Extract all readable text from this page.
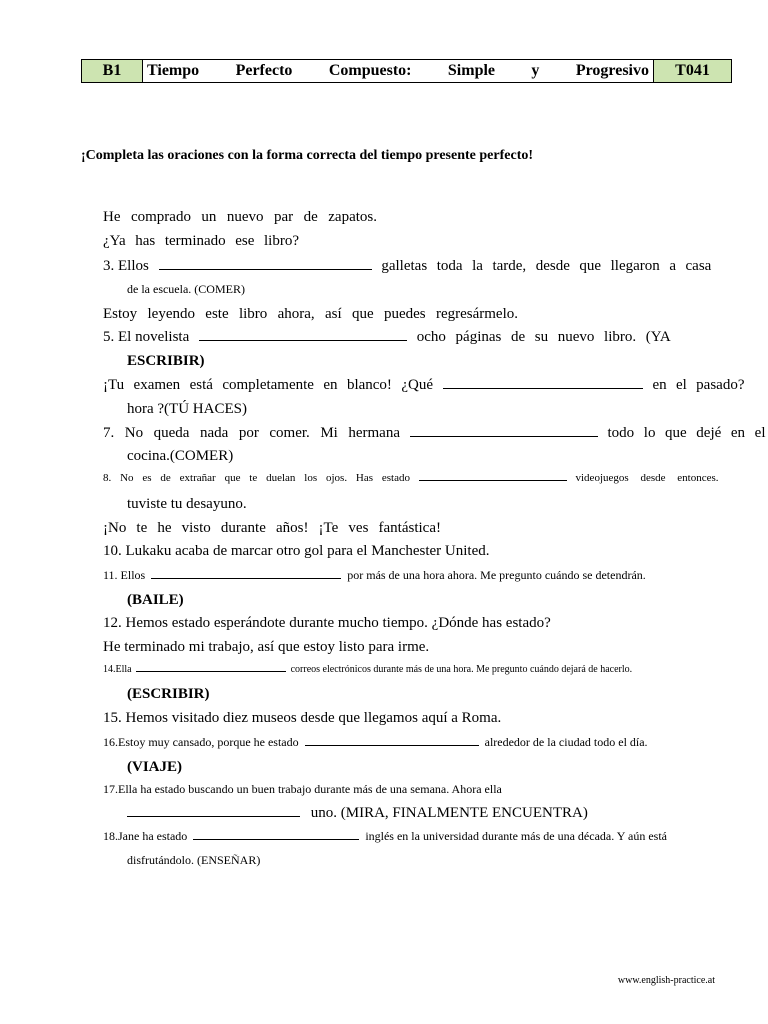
B1	Tiempo Perfecto Compuesto: Simple y Progresivo	T041
¡Completa las oraciones con la forma correcta del tiempo presente perfecto!
He comprado un nuevo par de zapatos.
¿Ya has terminado ese libro?
3. Ellos	galletas toda la tarde, desde que llegaron a casa
de la escuela. (COMER)
Estoy leyendo este libro ahora, así que puedes regresármelo.
5. El novelista	ocho páginas de su nuevo libro. (YA
ESCRIBIR)
¡Tu examen está completamente en blanco! ¿Qué	en el pasado?
hora ?(TÚ HACES)
7. No queda nada por comer. Mi hermana	todo lo que dejé en el
cocina.(COMER)
8. No es de extrañar que te duelan los ojos. Has estado	videojuegos desde entonces.
tuviste tu desayuno.
¡No te he visto durante años! ¡Te ves fantástica!
10. Lukaku acaba de marcar otro gol para el Manchester United.
11. Ellos	por más de una hora ahora. Me pregunto cuándo se detendrán.
(BAILE)
12. Hemos estado esperándote durante mucho tiempo. ¿Dónde has estado?
He terminado mi trabajo, así que estoy listo para irme.
14.Ella	correos electrónicos durante más de una hora. Me pregunto cuándo dejará de hacerlo.
(ESCRIBIR)
15. Hemos visitado diez museos desde que llegamos aquí a Roma.
16.Estoy muy cansado, porque he estado	alrededor de la ciudad todo el día.
(VIAJE)
17.Ella ha estado buscando un buen trabajo durante más de una semana. Ahora ella
uno. (MIRA, FINALMENTE ENCUENTRA)
18.Jane ha estado	inglés en la universidad durante más de una década. Y aún está
disfrutándolo. (ENSEÑAR)
www.english-practice.at
